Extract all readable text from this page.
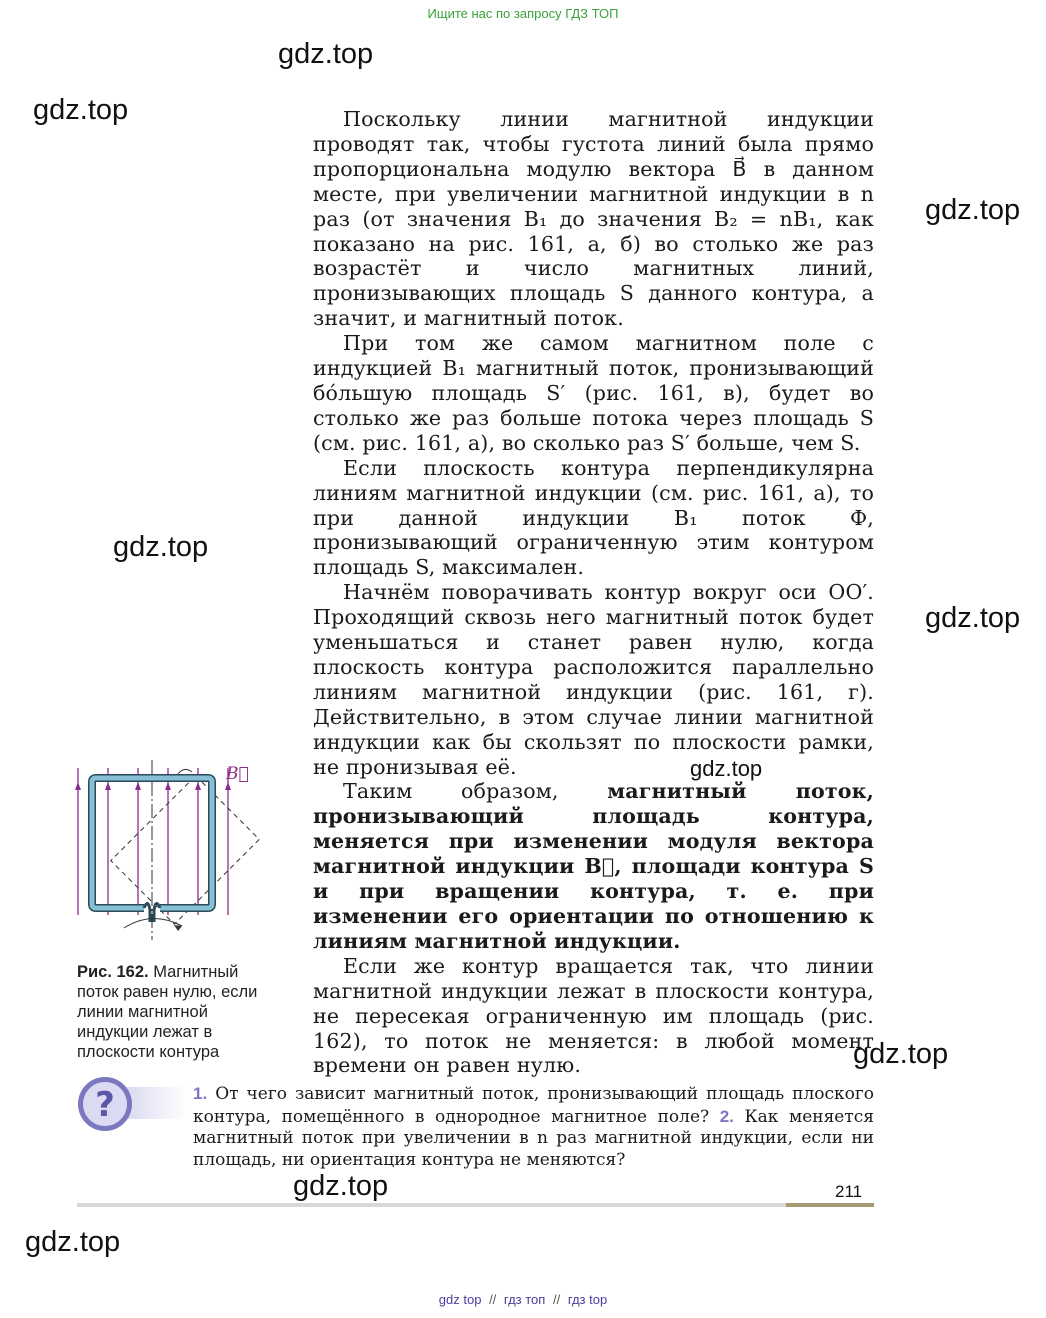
Ищите нас по запросу ГДЗ ТОП
gdz.top
gdz.top
gdz.top
gdz.top
gdz.top
gdz.top
gdz.top
gdz.top
gdz.top

Поскольку линии магнитной индукции проводят так, чтобы густота линий была прямо пропорциональна модулю вектора B⃗ в данном месте, при увеличении магнитной индукции в n раз (от значения B₁ до значения B₂ = nB₁, как показано на рис. 161, а, б) во столько же раз возрастёт и число магнитных линий, пронизывающих площадь S данного контура, а значит, и магнитный поток.

При том же самом магнитном поле с индукцией B₁ магнитный поток, пронизывающий бо́льшую площадь S′ (рис. 161, в), будет во столько же раз больше потока через площадь S (см. рис. 161, а), во сколько раз S′ больше, чем S.

Если плоскость контура перпендикулярна линиям магнитной индукции (см. рис. 161, а), то при данной индукции B₁ поток Ф, пронизывающий ограниченную этим контуром площадь S, максимален.

Начнём поворачивать контур вокруг оси OO′. Проходящий сквозь него магнитный поток будет уменьшаться и станет равен нулю, когда плоскость контура расположится параллельно линиям магнитной индукции (рис. 161, г). Действительно, в этом случае линии магнитной индукции как бы скользят по плоскости рамки, не пронизывая её.

Таким образом, магнитный поток, пронизывающий площадь контура, меняется при изменении модуля вектора магнитной индукции B⃗, площади контура S и при вращении контура, т. е. при изменении его ориентации по отношению к линиям магнитной индукции.

Если же контур вращается так, что линии магнитной индукции лежат в плоскости контура, не пересекая ограниченную им площадь (рис. 162), то поток не меняется: в любой момент времени он равен нулю.

B⃗
Рис. 162. Магнитный поток равен нулю, если линии магнитной индукции лежат в плоскости контура
?	1. От чего зависит магнитный поток, пронизывающий площадь плоского контура, помещённого в однородное магнитное поле? 2. Как меняется магнитный поток при увеличении в n раз магнитной индукции, если ни площадь, ни ориентация контура не меняются?
211
gdz top // гдз топ // гдз top
